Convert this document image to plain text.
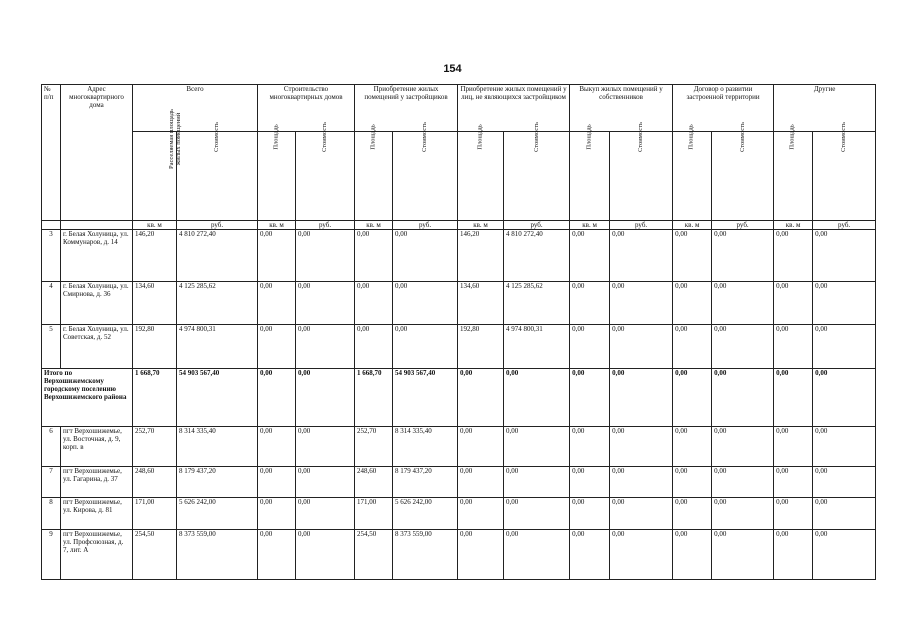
154
№ п/п	Адрес многоквартирного дома	Всего		Строительство многоквартирных домов		Приобретение жилых помещений у застройщиков		Приобретение жилых помещений у лиц, не являющихся застройщиком		Выкуп жилых помещений у собственников		Договор о развитии застроенной территории		Другие	
		Расселяемая площадь жилых помещений	Стоимость	Площадь	Стоимость	Площадь	Стоимость	Площадь	Стоимость	Площадь	Стоимость	Площадь	Стоимость	Площадь	Стоимость
		кв. м	руб.	кв. м	руб.	кв. м	руб.	кв. м	руб.	кв. м	руб.	кв. м	руб.	кв. м	руб.
3	г. Белая Холуница, ул. Коммунаров, д. 14	146,20	4 810 272,40	0,00	0,00	0,00	0,00	146,20	4 810 272,40	0,00	0,00	0,00	0,00	0,00	0,00
4	г. Белая Холуница, ул. Смирнова, д. 36	134,60	4 125 285,62	0,00	0,00	0,00	0,00	134,60	4 125 285,62	0,00	0,00	0,00	0,00	0,00	0,00
5	г. Белая Холуница, ул. Советская, д. 52	192,80	4 974 800,31	0,00	0,00	0,00	0,00	192,80	4 974 800,31	0,00	0,00	0,00	0,00	0,00	0,00
Итого по Верхошижемскому городскому поселению Верхошижемского района		1 668,70	54 903 567,40	0,00	0,00	1 668,70	54 903 567,40	0,00	0,00	0,00	0,00	0,00	0,00	0,00	0,00
6	пгт Верхошижемье, ул. Восточная, д. 9, корп. в	252,70	8 314 335,40	0,00	0,00	252,70	8 314 335,40	0,00	0,00	0,00	0,00	0,00	0,00	0,00	0,00
7	пгт Верхошижемье, ул. Гагарина, д. 37	248,60	8 179 437,20	0,00	0,00	248,60	8 179 437,20	0,00	0,00	0,00	0,00	0,00	0,00	0,00	0,00
8	пгт Верхошижемье, ул. Кирова, д. 81	171,00	5 626 242,00	0,00	0,00	171,00	5 626 242,00	0,00	0,00	0,00	0,00	0,00	0,00	0,00	0,00
9	пгт Верхошижемье, ул. Профсоюзная, д. 7, лит. А	254,50	8 373 559,00	0,00	0,00	254,50	8 373 559,00	0,00	0,00	0,00	0,00	0,00	0,00	0,00	0,00
